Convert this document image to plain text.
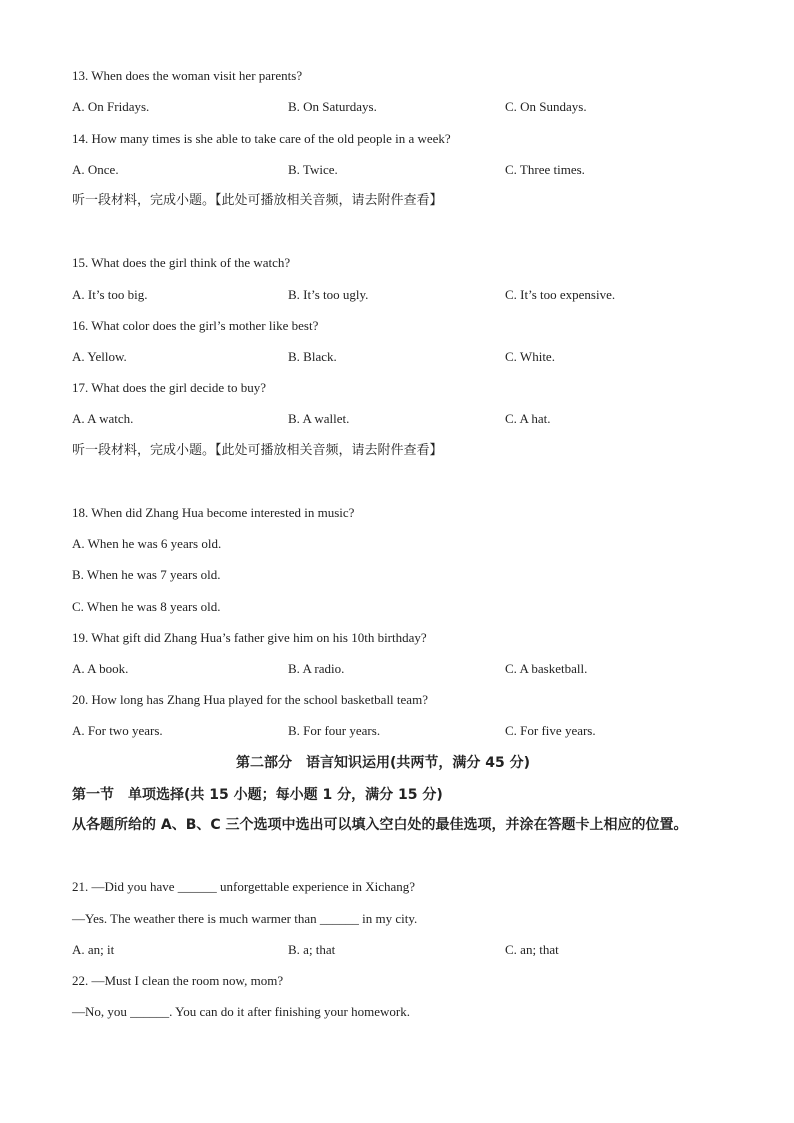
13. When does the woman visit her parents?
A. On Fridays.	B. On Saturdays.	C. On Sundays.
14. How many times is she able to take care of the old people in a week?
A. Once.	B. Twice.	C. Three times.
听一段材料，完成小题。【此处可播放相关音频，请去附件查看】
15. What does the girl think of the watch?
A. It’s too big.	B. It’s too ugly.	C. It’s too expensive.
16. What color does the girl’s mother like best?
A. Yellow.	B. Black.	C. White.
17. What does the girl decide to buy?
A. A watch.	B. A wallet.	C. A hat.
听一段材料，完成小题。【此处可播放相关音频，请去附件查看】
18. When did Zhang Hua become interested in music?
A. When he was 6 years old.
B. When he was 7 years old.
C. When he was 8 years old.
19. What gift did Zhang Hua’s father give him on his 10th birthday?
A. A book.	B. A radio.	C. A basketball.
20. How long has Zhang Hua played for the school basketball team?
A. For two years.	B. For four years.	C. For five years.
第二部分　语言知识运用(共两节，满分 45 分)
第一节　单项选择(共 15 小题；每小题 1 分，满分 15 分)
从各题所给的 A、B、C 三个选项中选出可以填入空白处的最佳选项，并涂在答题卡上相应的位置。
21. —Did you have ______ unforgettable experience in Xichang?
—Yes. The weather there is much warmer than ______ in my city.
A. an; it	B. a; that	C. an; that
22. —Must I clean the room now, mom?
—No, you ______. You can do it after finishing your homework.
